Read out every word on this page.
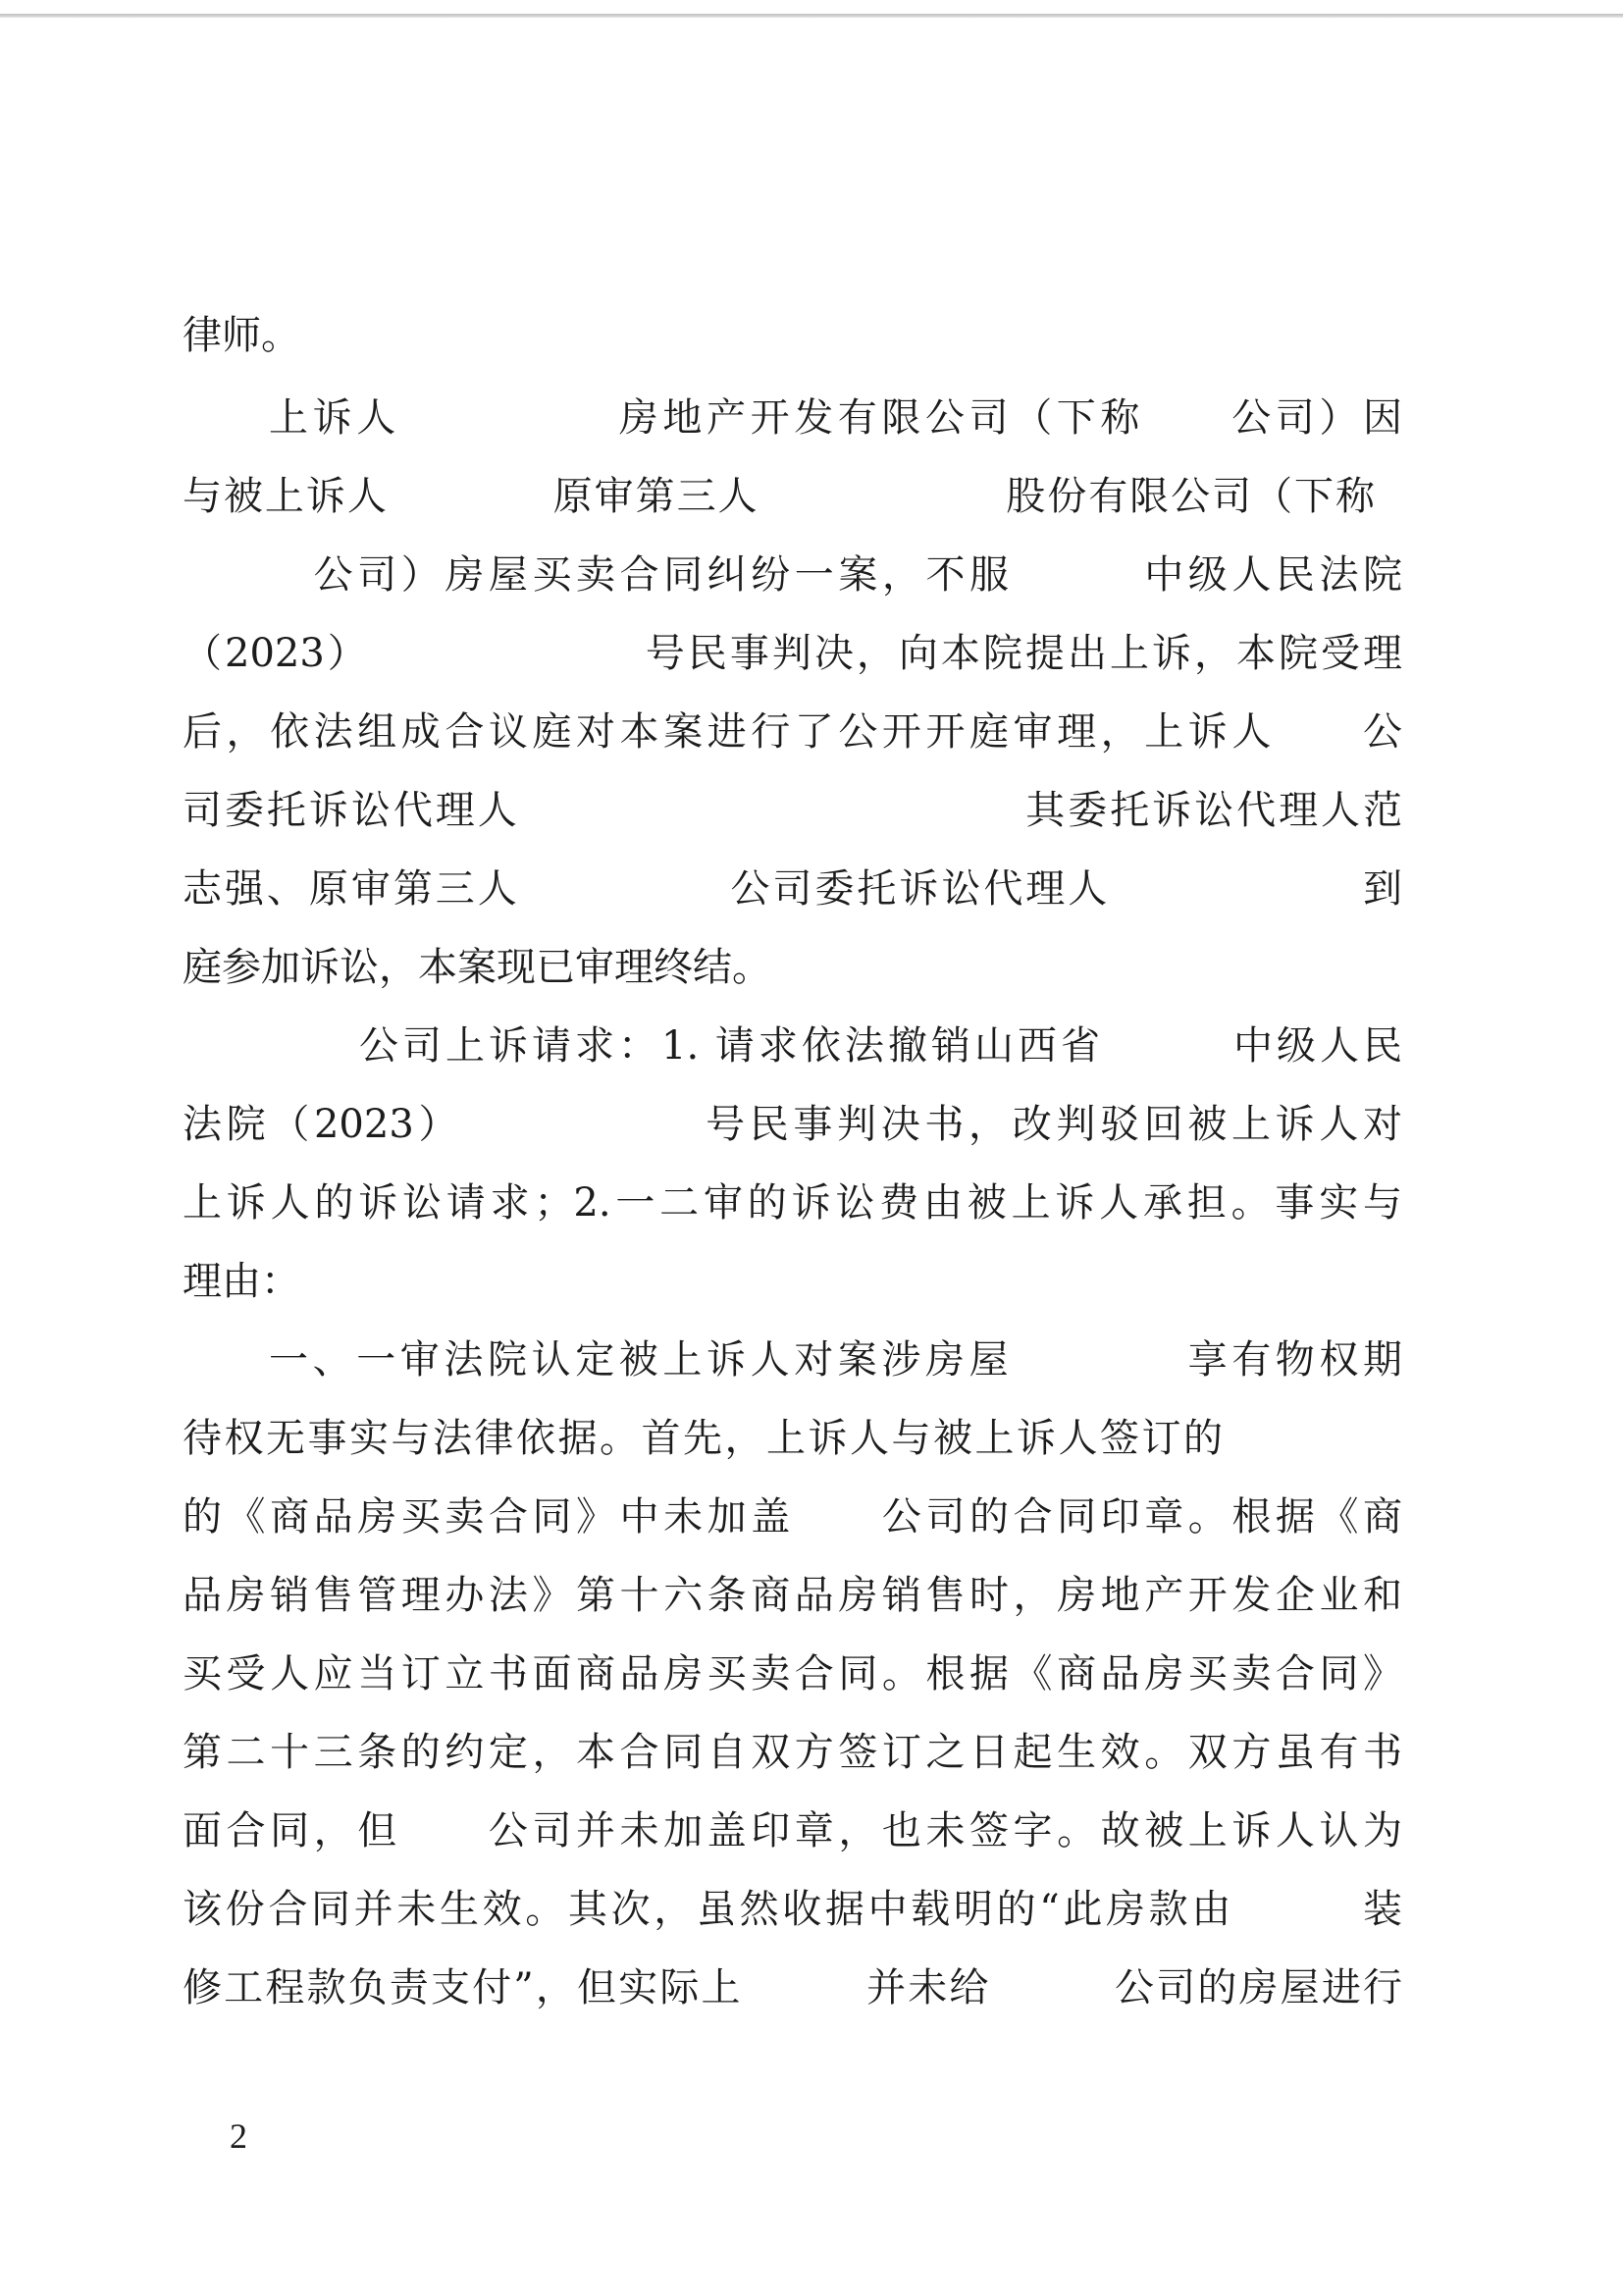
律师。

上诉人　　　　　房地产开发有限公司（下称　　公司）因

与被上诉人　　　　原审第三人　　　　　　股份有限公司（下称

　　　公司）房屋买卖合同纠纷一案，不服　　　中级人民法院

（2023）　　　　　　　号民事判决，向本院提出上诉，本院受理

后，依法组成合议庭对本案进行了公开开庭审理，上诉人　　公

司委托诉讼代理人　　　　　　　　　　　　其委托诉讼代理人范

志强、原审第三人　　　　　公司委托诉讼代理人　　　　　　到

庭参加诉讼，本案现已审理终结。

　　　公司上诉请求：1. 请求依法撤销山西省　　　中级人民

法院（2023）　　　　　　号民事判决书，改判驳回被上诉人对

上诉人的诉讼请求；2.一二审的诉讼费由被上诉人承担。事实与

理由：

一、一审法院认定被上诉人对案涉房屋　　　　享有物权期

待权无事实与法律依据。首先，上诉人与被上诉人签订的

的《商品房买卖合同》中未加盖　　公司的合同印章。根据《商

品房销售管理办法》第十六条商品房销售时，房地产开发企业和

买受人应当订立书面商品房买卖合同。根据《商品房买卖合同》

第二十三条的约定，本合同自双方签订之日起生效。双方虽有书

面合同，但　　公司并未加盖印章，也未签字。故被上诉人认为

该份合同并未生效。其次，虽然收据中载明的“此房款由　　　装

修工程款负责支付”，但实际上　　　并未给　　　公司的房屋进行

2
